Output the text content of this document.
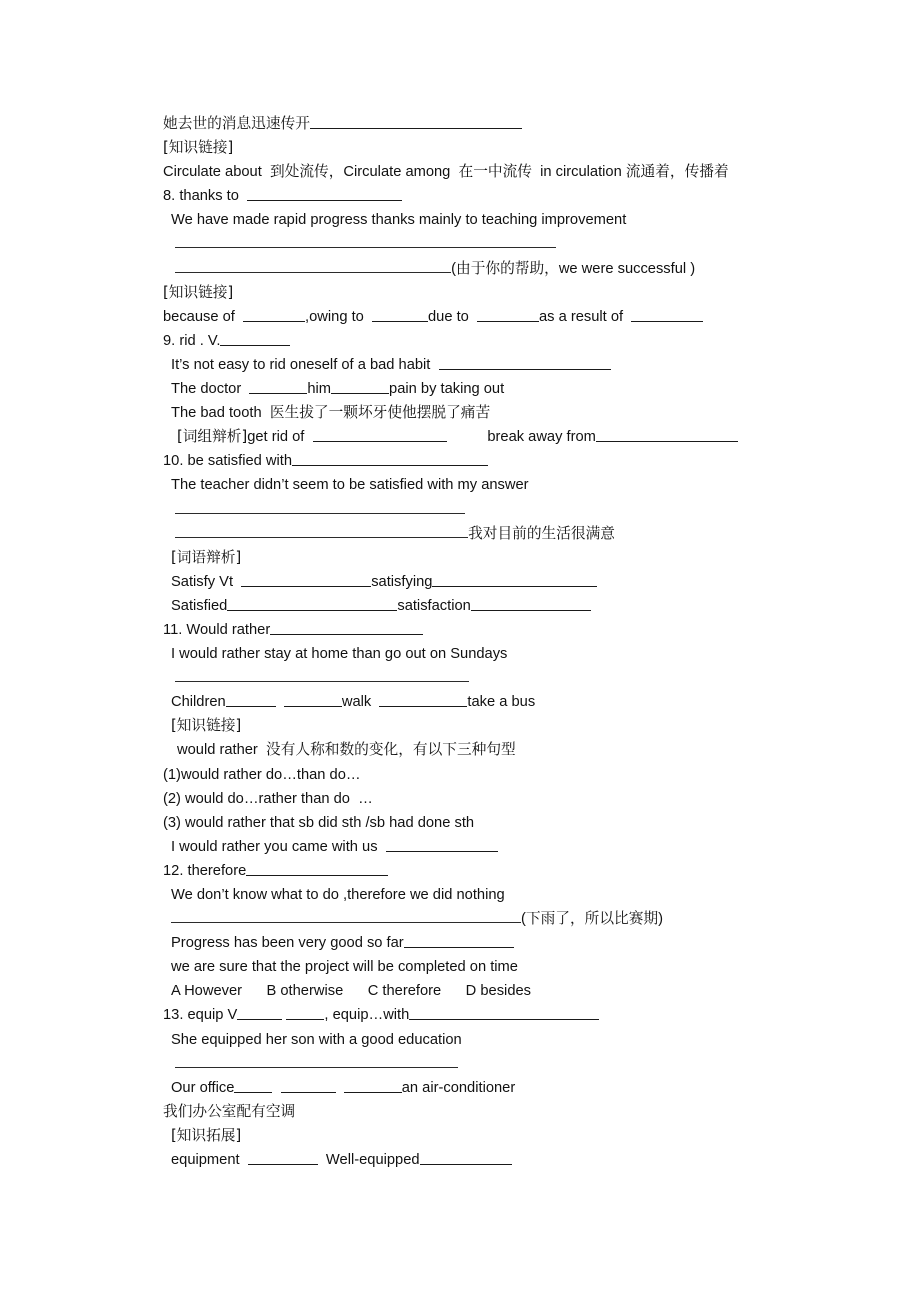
她去世的消息迅速传开
[知识链接]
Circulate about  到处流传，Circulate among  在一中流传  in circulation 流通着，传播着
8. thanks to
We have made rapid progress thanks mainly to teaching improvement

(由于你的帮助，we were successful )
[知识链接]
because of	,owing to	due to	as a result of
9. rid . V.
It’s not easy to rid oneself of a bad habit
The doctor	him	pain by taking out
The bad tooth  医生拔了一颗坏牙使他摆脱了痛苦
[词组辩析]get rid of	break away from
10. be satisfied with
The teacher didn’t seem to be satisfied with my answer

我对目前的生活很满意
[词语辩析]
Satisfy Vt	satisfying
Satisfied	satisfaction
11. Would rather
I would rather stay at home than go out on Sundays

Children	walk	take a bus
[知识链接]
would rather  没有人称和数的变化，有以下三种句型
(1)would rather do…than do…
(2) would do…rather than do  …
(3) would rather that sb did sth /sb had done sth
I would rather you came with us
12. therefore
We don’t know what to do ,therefore we did nothing
(下雨了，所以比赛期)
Progress has been very good so far
we are sure that the project will be completed on time
A However      B otherwise      C therefore      D besides
13. equip V	, equip…with
She equipped her son with a good education

Our office	an air-conditioner
我们办公室配有空调
[知识拓展]
equipment	Well-equipped
